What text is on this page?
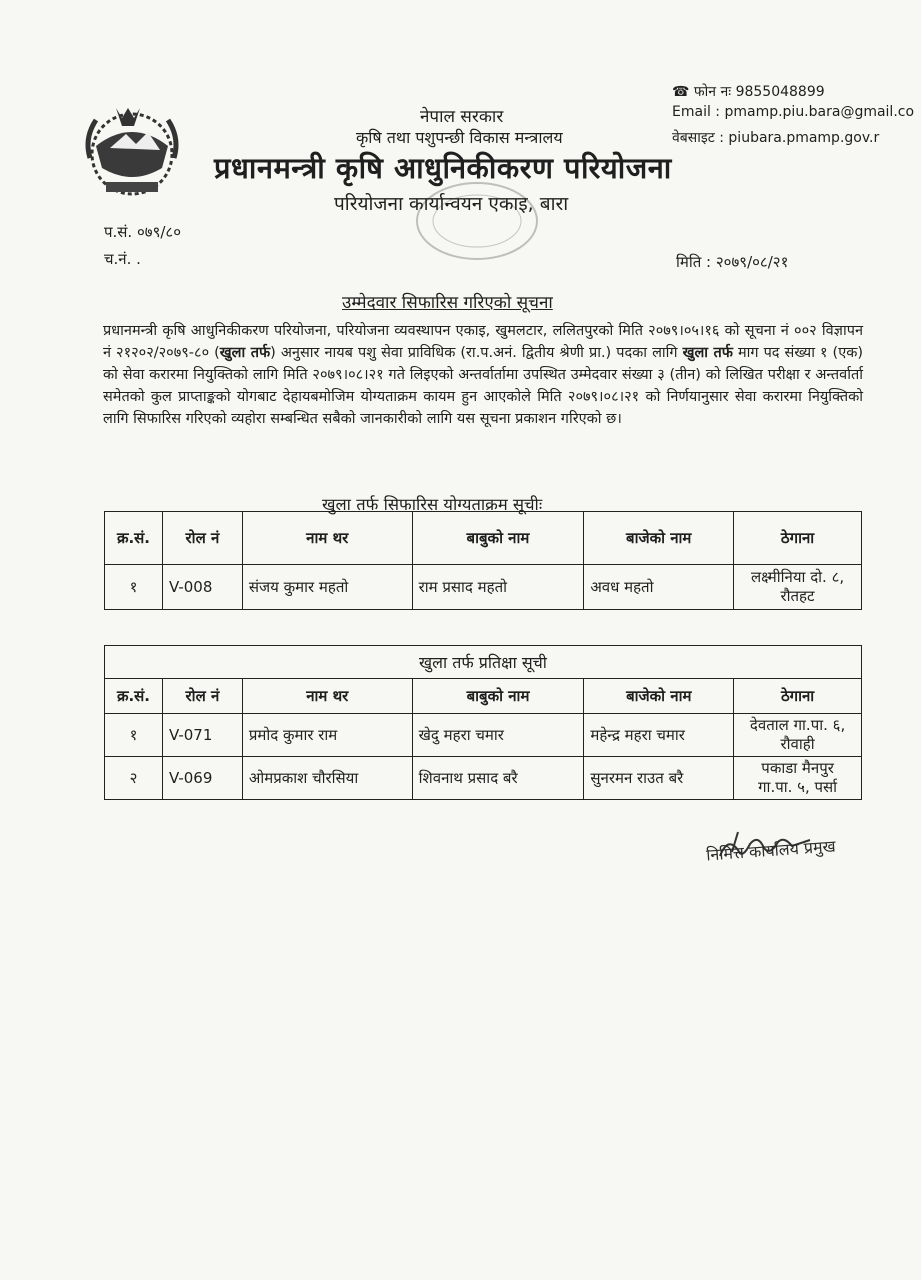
नेपाल सरकार
कृषि तथा पशुपन्छी विकास मन्त्रालय
प्रधानमन्त्री कृषि आधुनिकीकरण परियोजना
परियोजना कार्यान्वयन एकाइ, बारा
☎ फोन नः 9855048899
Email : pmamp.piu.bara@gmail.co
वेबसाइट : piubara.pmamp.gov.r
प.सं. ०७९/८०
च.नं. .	मिति : २०७९/०८/२१
उम्मेदवार सिफारिस गरिएको सूचना
प्रधानमन्त्री कृषि आधुनिकीकरण परियोजना, परियोजना व्यवस्थापन एकाइ, खुमलटार, ललितपुरको मिति २०७९।०५।१६ को सूचना नं ००२ विज्ञापन नं २१२०२/२०७९-८० (खुला तर्फ) अनुसार नायब पशु सेवा प्राविधिक (रा.प.अनं. द्वितीय श्रेणी प्रा.) पदका लागि खुला तर्फ माग पद संख्या १ (एक) को सेवा करारमा नियुक्तिको लागि मिति २०७९।०८।२१ गते लिइएको अन्तर्वार्तामा उपस्थित उम्मेदवार संख्या ३ (तीन) को लिखित परीक्षा र अन्तर्वार्ता समेतको कुल प्राप्ताङ्कको योगबाट देहायबमोजिम योग्यताक्रम कायम हुन आएकोले मिति २०७९।०८।२१ को निर्णयानुसार सेवा करारमा नियुक्तिको लागि सिफारिस गरिएको व्यहोरा सम्बन्धित सबैको जानकारीको लागि यस सूचना प्रकाशन गरिएको छ।
खुला तर्फ सिफारिस योग्यताक्रम सूचीः
क्र.सं.	रोल नं	नाम थर	बाबुको नाम	बाजेको नाम	ठेगाना
१	V-008	संजय कुमार महतो	राम प्रसाद महतो	अवध महतो	लक्ष्मीनिया दो. ८,
रौतहट
खुला तर्फ प्रतिक्षा सूची					
क्र.सं.	रोल नं	नाम थर	बाबुको नाम	बाजेको नाम	ठेगाना
१	V-071	प्रमोद कुमार राम	खेदु महरा चमार	महेन्द्र महरा चमार	देवताल गा.पा. ६,
रौवाही
२	V-069	ओमप्रकाश चौरसिया	शिवनाथ प्रसाद बरै	सुनरमन राउत बरै	पकाडा मैनपुर
गा.पा. ५, पर्सा
निमित्त कार्यालय प्रमुख
